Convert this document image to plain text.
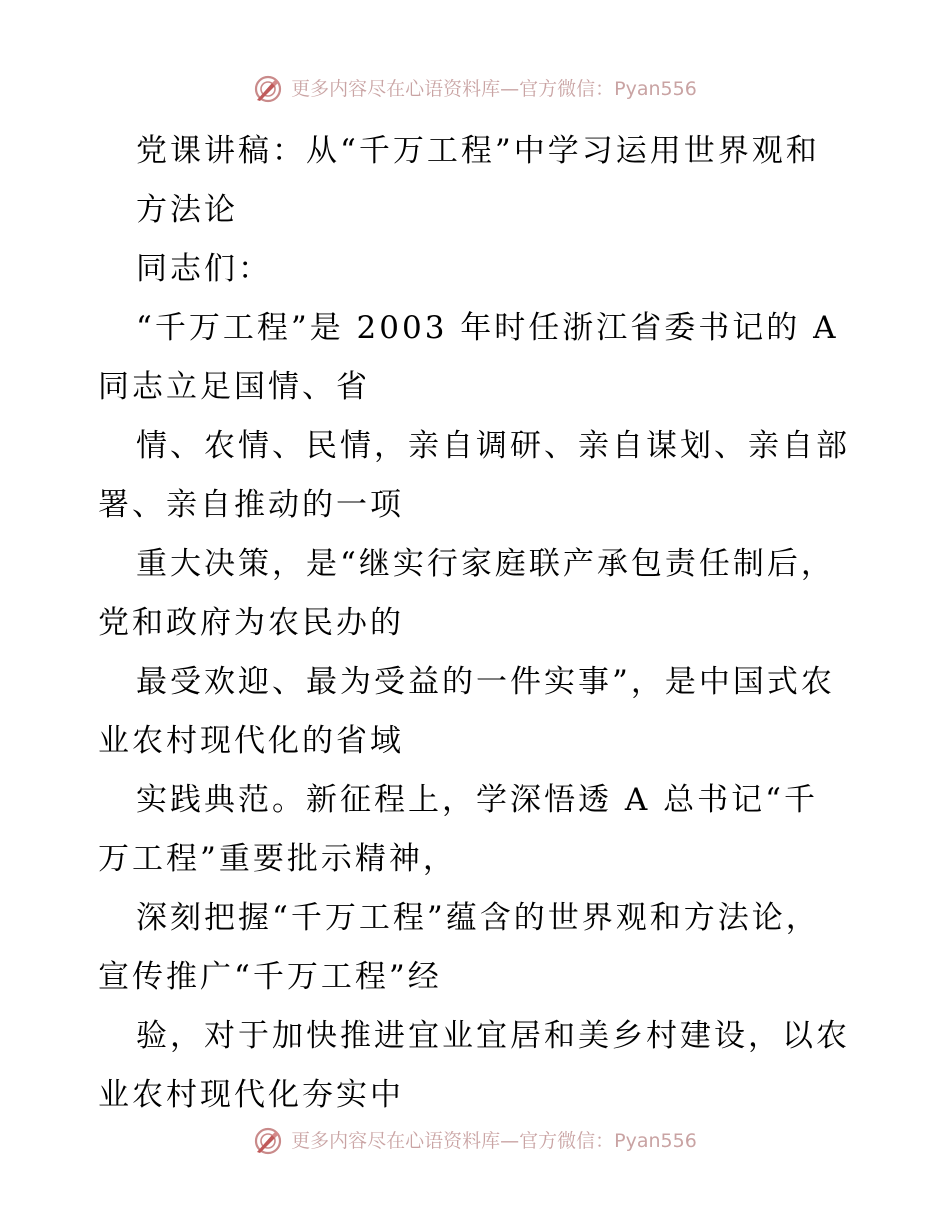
更多内容尽在心语资料库—官方微信：Pyan556
党课讲稿：从“千万工程”中学习运用世界观和
方法论
同志们：
“千万工程”是 2003 年时任浙江省委书记的 A
同志立足国情、省
情、农情、民情，亲自调研、亲自谋划、亲自部
署、亲自推动的一项
重大决策，是“继实行家庭联产承包责任制后，
党和政府为农民办的
最受欢迎、最为受益的一件实事”，是中国式农
业农村现代化的省域
实践典范。新征程上，学深悟透 A 总书记“千
万工程”重要批示精神，
深刻把握“千万工程”蕴含的世界观和方法论，
宣传推广“千万工程”经
验，对于加快推进宜业宜居和美乡村建设，以农
业农村现代化夯实中
更多内容尽在心语资料库—官方微信：Pyan556
